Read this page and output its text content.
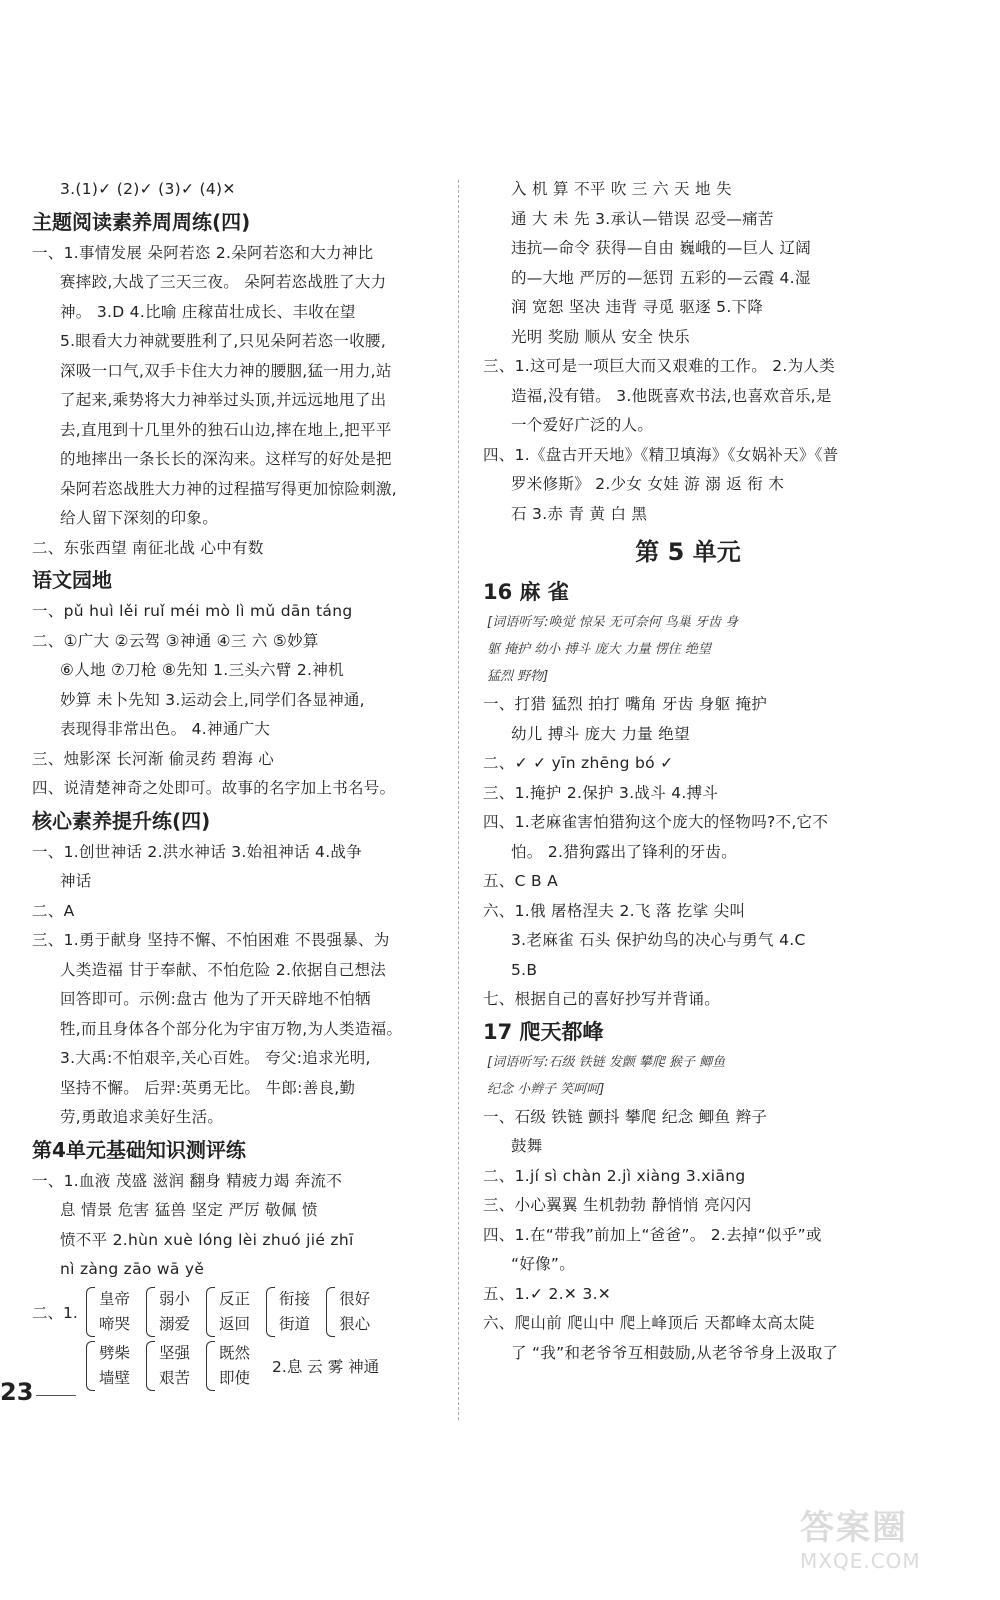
3.(1)✓ (2)✓ (3)✓ (4)✕
主题阅读素养周周练(四)
一、1.事情发展 朵阿若恣 2.朵阿若恣和大力神比
赛摔跤,大战了三天三夜。 朵阿若恣战胜了大力
神。 3.D 4.比喻 庄稼苗壮成长、丰收在望
5.眼看大力神就要胜利了,只见朵阿若恣一收腰,
深吸一口气,双手卡住大力神的腰胭,猛一用力,站
了起来,乘势将大力神举过头顶,并远远地甩了出
去,直甩到十几里外的独石山边,摔在地上,把平平
的地摔出一条长长的深沟来。这样写的好处是把
朵阿若恣战胜大力神的过程描写得更加惊险刺激,
给人留下深刻的印象。
二、东张西望 南征北战 心中有数
语文园地
一、pǔ huì lěi ruǐ méi mò lì mǔ dān táng
二、①广大 ②云驾 ③神通 ④三 六 ⑤妙算
⑥人地 ⑦刀枪 ⑧先知 1.三头六臂 2.神机
妙算 未卜先知 3.运动会上,同学们各显神通,
表现得非常出色。 4.神通广大
三、烛影深 长河渐 偷灵药 碧海 心
四、说清楚神奇之处即可。故事的名字加上书名号。
核心素养提升练(四)
一、1.创世神话 2.洪水神话 3.始祖神话 4.战争
神话
二、A
三、1.勇于献身 坚持不懈、不怕困难 不畏强暴、为
人类造福 甘于奉献、不怕危险 2.依据自己想法
回答即可。示例:盘古 他为了开天辟地不怕牺
牲,而且身体各个部分化为宇宙万物,为人类造福。
3.大禹:不怕艰辛,关心百姓。 夸父:追求光明,
坚持不懈。 后羿:英勇无比。 牛郎:善良,勤
劳,勇敢追求美好生活。
第4单元基础知识测评练
一、1.血液 茂盛 滋润 翻身 精疲力竭 奔流不
息 情景 危害 猛兽 坚定 严厉 敬佩 愤
愤不平 2.hùn xuè lóng lèi zhuó jié zhī
nì zàng zāo wā yě
二、1.
皇帝
啼哭
弱小
溺爱
反正
返回
衔接
街道
很好
狠心
劈柴
墙壁
坚强
艰苦
既然
即使
2.息 云 雾 神通
入 机 算 不平 吹 三 六 天 地 失
通 大 未 先 3.承认—错误 忍受—痛苦
违抗—命令 获得—自由 巍峨的—巨人 辽阔
的—大地 严厉的—惩罚 五彩的—云霞 4.湿
润 宽恕 坚决 违背 寻觅 驱逐 5.下降
光明 奖励 顺从 安全 快乐
三、1.这可是一项巨大而又艰难的工作。 2.为人类
造福,没有错。 3.他既喜欢书法,也喜欢音乐,是
一个爱好广泛的人。
四、1.《盘古开天地》《精卫填海》《女娲补天》《普
罗米修斯》 2.少女 女娃 游 溺 返 衔 木
石 3.赤 青 黄 白 黑
第 5 单元
16 麻 雀
[词语听写:唤觉 惊呆 无可奈何 鸟巢 牙齿 身
躯 掩护 幼小 搏斗 庞大 力量 愣住 绝望
猛烈 野物]
一、打猎 猛烈 拍打 嘴角 牙齿 身躯 掩护
幼儿 搏斗 庞大 力量 绝望
二、✓ ✓ yīn zhēng bó ✓
三、1.掩护 2.保护 3.战斗 4.搏斗
四、1.老麻雀害怕猎狗这个庞大的怪物吗?不,它不
怕。 2.猎狗露出了锋利的牙齿。
五、C B A
六、1.俄 屠格涅夫 2.飞 落 扢挲 尖叫
3.老麻雀 石头 保护幼鸟的决心与勇气 4.C
5.B
七、根据自己的喜好抄写并背诵。
17 爬天都峰
[词语听写:石级 铁链 发颤 攀爬 猴子 鲫鱼
纪念 小辫子 笑呵呵]
一、石级 铁链 颤抖 攀爬 纪念 鲫鱼 辫子
鼓舞
二、1.jí sì chàn 2.jì xiàng 3.xiāng
三、小心翼翼 生机勃勃 静悄悄 亮闪闪
四、1.在“带我”前加上“爸爸”。 2.去掉“似乎”或
“好像”。
五、1.✓ 2.✕ 3.✕
六、爬山前 爬山中 爬上峰顶后 天都峰太高太陡
了 “我”和老爷爷互相鼓励,从老爷爷身上汲取了
23
答案圈
MXQE.COM
